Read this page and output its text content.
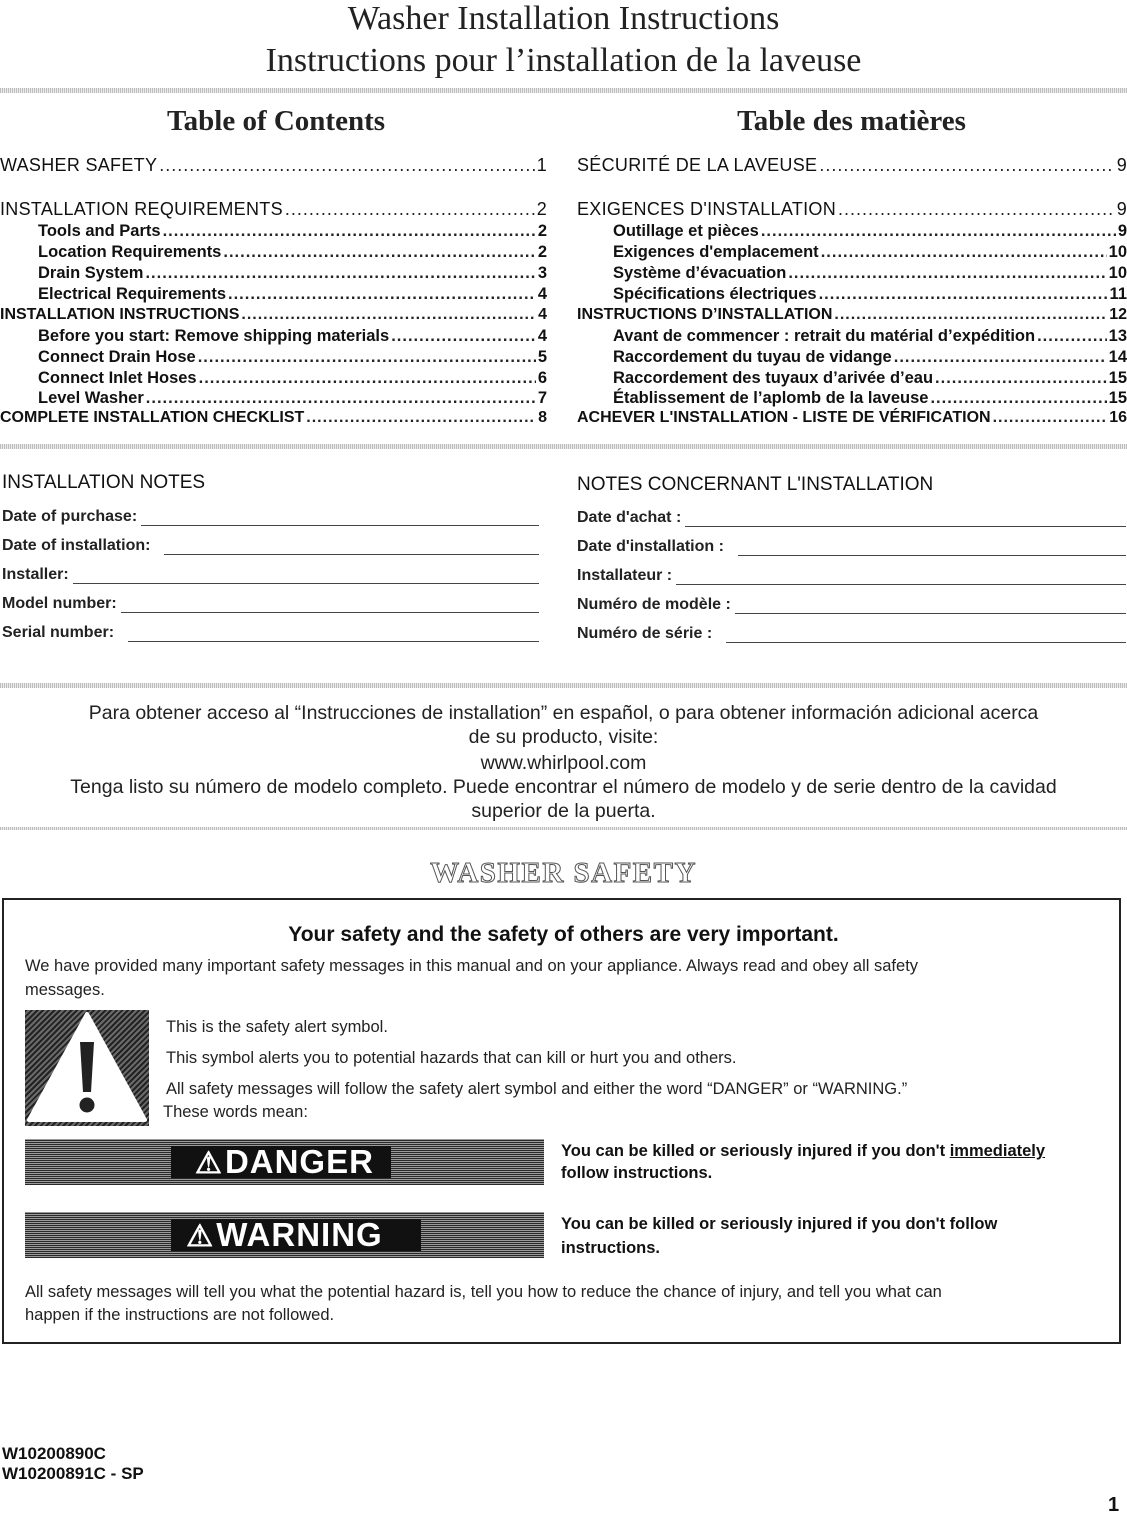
Washer Installation Instructions
Instructions pour l’installation de la laveuse
Table of Contents	Table des matières
WASHER SAFETY .....	1
INSTALLATION REQUIREMENTS .....	2
Tools and Parts .....	2
Location Requirements .....	2
Drain System .....	3
Electrical Requirements .....	4
INSTALLATION INSTRUCTIONS .....	4
Before you start: Remove shipping materials .....	4
Connect Drain Hose .....	5
Connect Inlet Hoses .....	6
Level Washer .....	7
COMPLETE INSTALLATION CHECKLIST .....	8
SÉCURITÉ DE LA LAVEUSE .....	9
EXIGENCES D'INSTALLATION .....	9
Outillage et pièces .....	9
Exigences d'emplacement .....	10
Système d’évacuation .....	10
Spécifications électriques .....	11
INSTRUCTIONS D’INSTALLATION .....	12
Avant de commencer : retrait du matérial d’expédition .....	13
Raccordement du tuyau de vidange .....	14
Raccordement des tuyaux d’arivée d’eau .....	15
Établissement de l’aplomb de la laveuse .....	15
ACHEVER L'INSTALLATION - LISTE DE VÉRIFICATION .....	16
INSTALLATION NOTES	NOTES CONCERNANT L'INSTALLATION
Date of purchase:
Date of installation:
Installer:
Model number:
Serial number:
Date d'achat :
Date d'installation :
Installateur :
Numéro de modèle :
Numéro de série :
Para obtener acceso al “Instrucciones de installation” en español, o para obtener información adicional acerca
de su producto, visite:
www.whirlpool.com
Tenga listo su número de modelo completo. Puede encontrar el número de modelo y de serie dentro de la cavidad
superior de la puerta.
WASHER SAFETY
Your safety and the safety of others are very important.
We have provided many important safety messages in this manual and on your appliance. Always read and obey all safety
messages.
This is the safety alert symbol.
This symbol alerts you to potential hazards that can kill or hurt you and others.
All safety messages will follow the safety alert symbol and either the word “DANGER” or “WARNING.”
These words mean:
⚠DANGER	You can be killed or seriously injured if you don't immediately
follow instructions.
⚠WARNING	You can be killed or seriously injured if you don't follow
instructions.
All safety messages will tell you what the potential hazard is, tell you how to reduce the chance of injury, and tell you what can
happen if the instructions are not followed.
W10200890C
W10200891C - SP
1
